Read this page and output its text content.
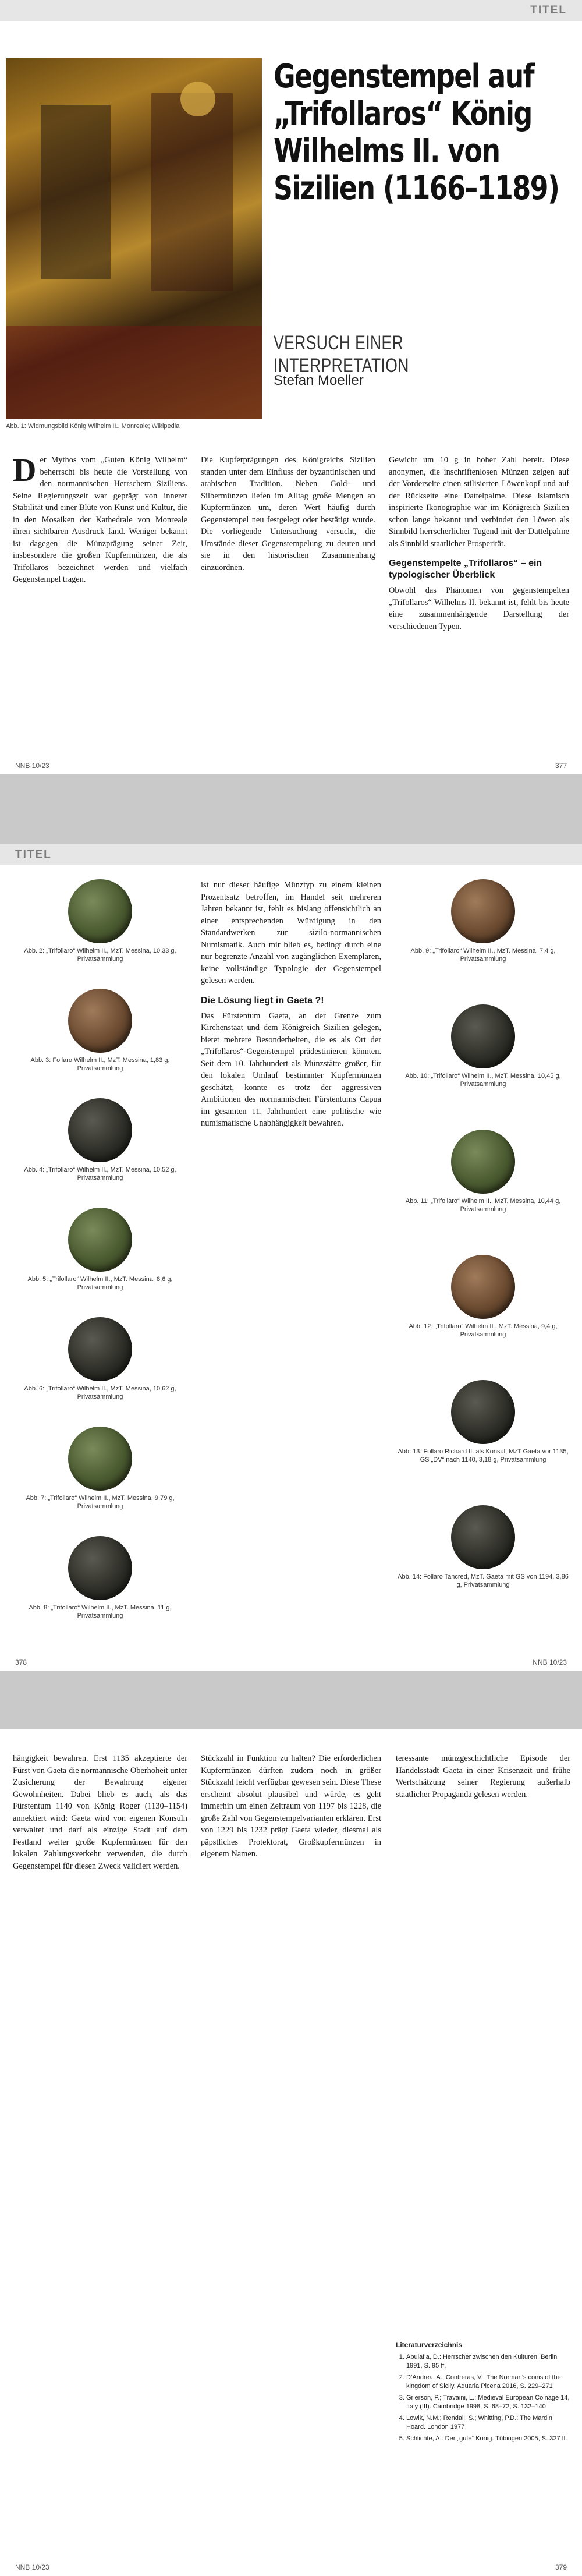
TITEL
Abb. 1: Widmungsbild König Wilhelm II., Monreale; Wikipedia
Gegenstempel auf „Trifollaros“ König Wilhelms II. von Sizilien (1166–1189)
VERSUCH EINER INTERPRETATION
Stefan Moeller
Der Mythos vom „Guten König Wilhelm“ beherrscht bis heute die Vorstellung von den normannischen Herrschern Siziliens. Seine Regierungszeit war geprägt von innerer Stabilität und einer Blüte von Kunst und Kultur, die in den Mosaiken der Kathedrale von Monreale ihren sichtbaren Ausdruck fand. Weniger bekannt ist dagegen die Münzprägung seiner Zeit, insbesondere die großen Kupfermünzen, die als Trifollaros bezeichnet werden und vielfach Gegenstempel tragen.
Die Kupferprägungen des Königreichs Sizilien standen unter dem Einfluss der byzantinischen und arabischen Tradition. Neben Gold- und Silbermünzen liefen im Alltag große Mengen an Kupfermünzen um, deren Wert häufig durch Gegenstempel neu festgelegt oder bestätigt wurde. Die vorliegende Untersuchung versucht, die Umstände dieser Gegenstempelung zu deuten und sie in den historischen Zusammenhang einzuordnen.

Gewicht um 10 g in hoher Zahl bereit. Diese anonymen, die inschriftenlosen Münzen zeigen auf der Vorderseite einen stilisierten Löwenkopf und auf der Rückseite eine Dattelpalme. Diese islamisch inspirierte Ikonographie war im Königreich Sizilien schon lange bekannt und verbindet den Löwen als Sinnbild herrscherlicher Tugend mit der Dattelpalme als Sinnbild staatlicher Prosperität.

Gegenstempelte „Trifollaros“ – ein typologischer Überblick

Obwohl das Phänomen von gegenstempelten „Trifollaros“ Wilhelms II. bekannt ist, fehlt bis heute eine zusammenhängende Darstellung der verschiedenen Typen.

NNB 10/23	377
TITEL
Abb. 2: „Trifollaro“ Wilhelm II., MzT. Messina, 10,33 g, Privatsammlung
Abb. 3: Follaro Wilhelm II., MzT. Messina, 1,83 g, Privatsammlung
Abb. 4: „Trifollaro“ Wilhelm II., MzT. Messina, 10,52 g, Privatsammlung
Abb. 5: „Trifollaro“ Wilhelm II., MzT. Messina, 8,6 g, Privatsammlung
Abb. 6: „Trifollaro“ Wilhelm II., MzT. Messina, 10,62 g, Privatsammlung
Abb. 7: „Trifollaro“ Wilhelm II., MzT. Messina, 9,79 g, Privatsammlung
Abb. 8: „Trifollaro“ Wilhelm II., MzT. Messina, 11 g, Privatsammlung

ist nur dieser häufige Münztyp zu einem kleinen Prozentsatz betroffen, im Handel seit mehreren Jahren bekannt ist, fehlt es bislang offensichtlich an einer entsprechenden Würdigung in den Standardwerken zur sizilo-normannischen Numismatik. Auch mir blieb es, bedingt durch eine nur begrenzte Anzahl von zugänglichen Exemplaren, keine vollständige Typologie der Gegenstempel gelesen werden.

Die Lösung liegt in Gaeta ?!

Das Fürstentum Gaeta, an der Grenze zum Kirchenstaat und dem Königreich Sizilien gelegen, bietet mehrere Besonderheiten, die es als Ort der „Trifollaros“-Gegenstempel prädestinieren könnten. Seit dem 10. Jahrhundert als Münzstätte großer, für den lokalen Umlauf bestimmter Kupfermünzen geschätzt, konnte es trotz der aggressiven Ambitionen des normannischen Fürstentums Capua im gesamten 11. Jahrhundert eine politische wie numismatische Unabhängigkeit bewahren.

Abb. 9: „Trifollaro“ Wilhelm II., MzT. Messina, 7,4 g, Privatsammlung
Abb. 10: „Trifollaro“ Wilhelm II., MzT. Messina, 10,45 g, Privatsammlung
Abb. 11: „Trifollaro“ Wilhelm II., MzT. Messina, 10,44 g, Privatsammlung
Abb. 12: „Trifollaro“ Wilhelm II., MzT. Messina, 9,4 g, Privatsammlung
Abb. 13: Follaro Richard II. als Konsul, MzT Gaeta vor 1135, GS „DV“ nach 1140, 3,18 g, Privatsammlung
Abb. 14: Follaro Tancred, MzT. Gaeta mit GS von 1194, 3,86 g, Privatsammlung
378	NNB 10/23
hängigkeit bewahren. Erst 1135 akzeptierte der Fürst von Gaeta die normannische Oberhoheit unter Zusicherung der Bewahrung eigener Gewohnheiten. Dabei blieb es auch, als das Fürstentum 1140 von König Roger (1130–1154) annektiert wird: Gaeta wird von eigenen Konsuln verwaltet und darf als einzige Stadt auf dem Festland weiter große Kupfermünzen für den lokalen Zahlungsverkehr verwenden, die durch Gegenstempel für diesen Zweck validiert werden.
Stückzahl in Funktion zu halten? Die erforderlichen Kupfermünzen dürften zudem noch in größer Stückzahl leicht verfügbar gewesen sein. Diese These erscheint absolut plausibel und würde, es geht immerhin um einen Zeitraum von 1197 bis 1228, die große Zahl von Gegenstempelvarianten erklären. Erst von 1229 bis 1232 prägt Gaeta wieder, diesmal als päpstliches Protektorat, Großkupfermünzen in eigenem Namen.
teressante münzgeschichtliche Episode der Handelsstadt Gaeta in einer Krisenzeit und frühe Wertschätzung seiner Regierung außerhalb staatlicher Propaganda gelesen werden.
Literaturverzeichnis
1. Abulafia, D.: Herrscher zwischen den Kulturen. Berlin 1991, S. 95 ff.
2. D’Andrea, A.; Contreras, V.: The Norman’s coins of the kingdom of Sicily. Aquaria Picena 2016, S. 229–271
3. Grierson, P.; Travaini, L.: Medieval European Coinage 14, Italy (III). Cambridge 1998, S. 68–72, S. 132–140
4. Lowik, N.M.; Rendall, S.; Whitting, P.D.: The Mardin Hoard. London 1977
5. Schlichte, A.: Der „gute“ König. Tübingen 2005, S. 327 ff.
NNB 10/23	379
